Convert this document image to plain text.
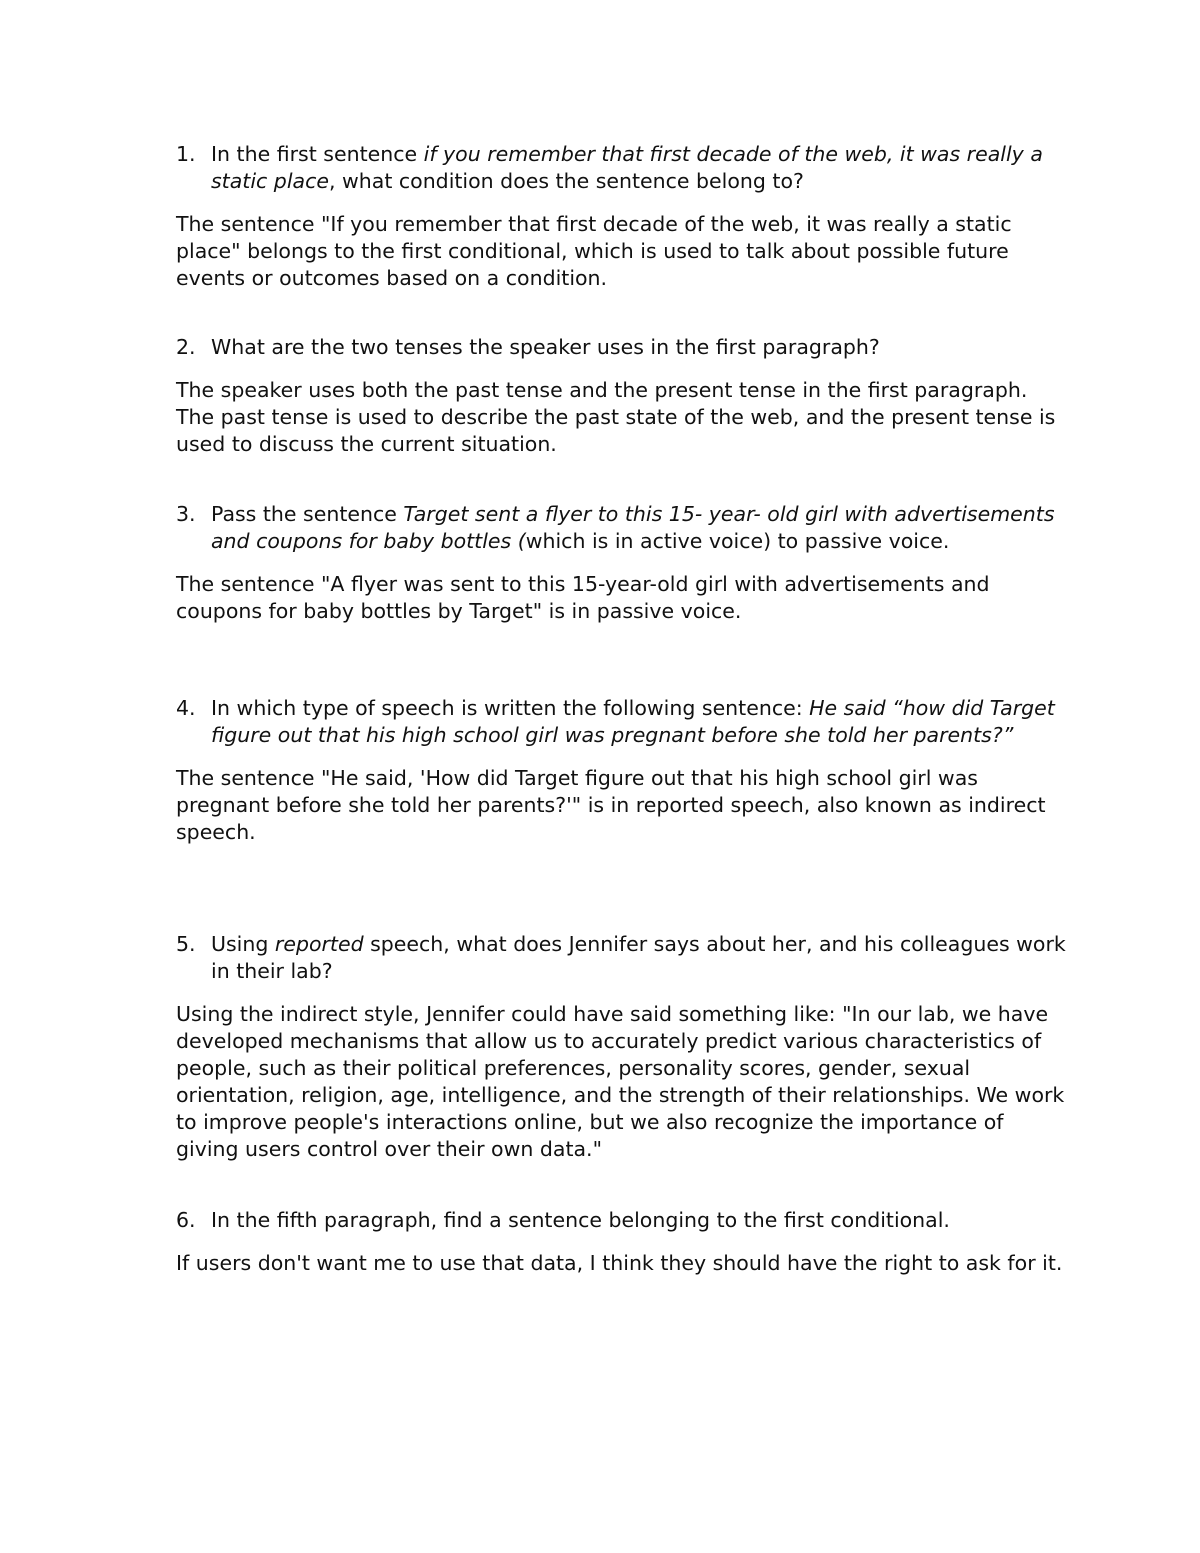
1. In the first sentence if you remember that first decade of the web, it was really a static place, what condition does the sentence belong to?

The sentence "If you remember that first decade of the web, it was really a static place" belongs to the first conditional, which is used to talk about possible future events or outcomes based on a condition.

2. What are the two tenses the speaker uses in the first paragraph?

The speaker uses both the past tense and the present tense in the first paragraph. The past tense is used to describe the past state of the web, and the present tense is used to discuss the current situation.

3. Pass the sentence Target sent a flyer to this 15- year- old girl with advertisements and coupons for baby bottles (which is in active voice) to passive voice.

The sentence "A flyer was sent to this 15-year-old girl with advertisements and coupons for baby bottles by Target" is in passive voice.

4. In which type of speech is written the following sentence: He said “how did Target figure out that his high school girl was pregnant before she told her parents?”

The sentence "He said, 'How did Target figure out that his high school girl was pregnant before she told her parents?'" is in reported speech, also known as indirect speech.

5. Using reported speech, what does Jennifer says about her, and his colleagues work in their lab?

Using the indirect style, Jennifer could have said something like: "In our lab, we have developed mechanisms that allow us to accurately predict various characteristics of people, such as their political preferences, personality scores, gender, sexual orientation, religion, age, intelligence, and the strength of their relationships. We work to improve people's interactions online, but we also recognize the importance of giving users control over their own data."

6. In the fifth paragraph, find a sentence belonging to the first conditional.

If users don't want me to use that data, I think they should have the right to ask for it.
